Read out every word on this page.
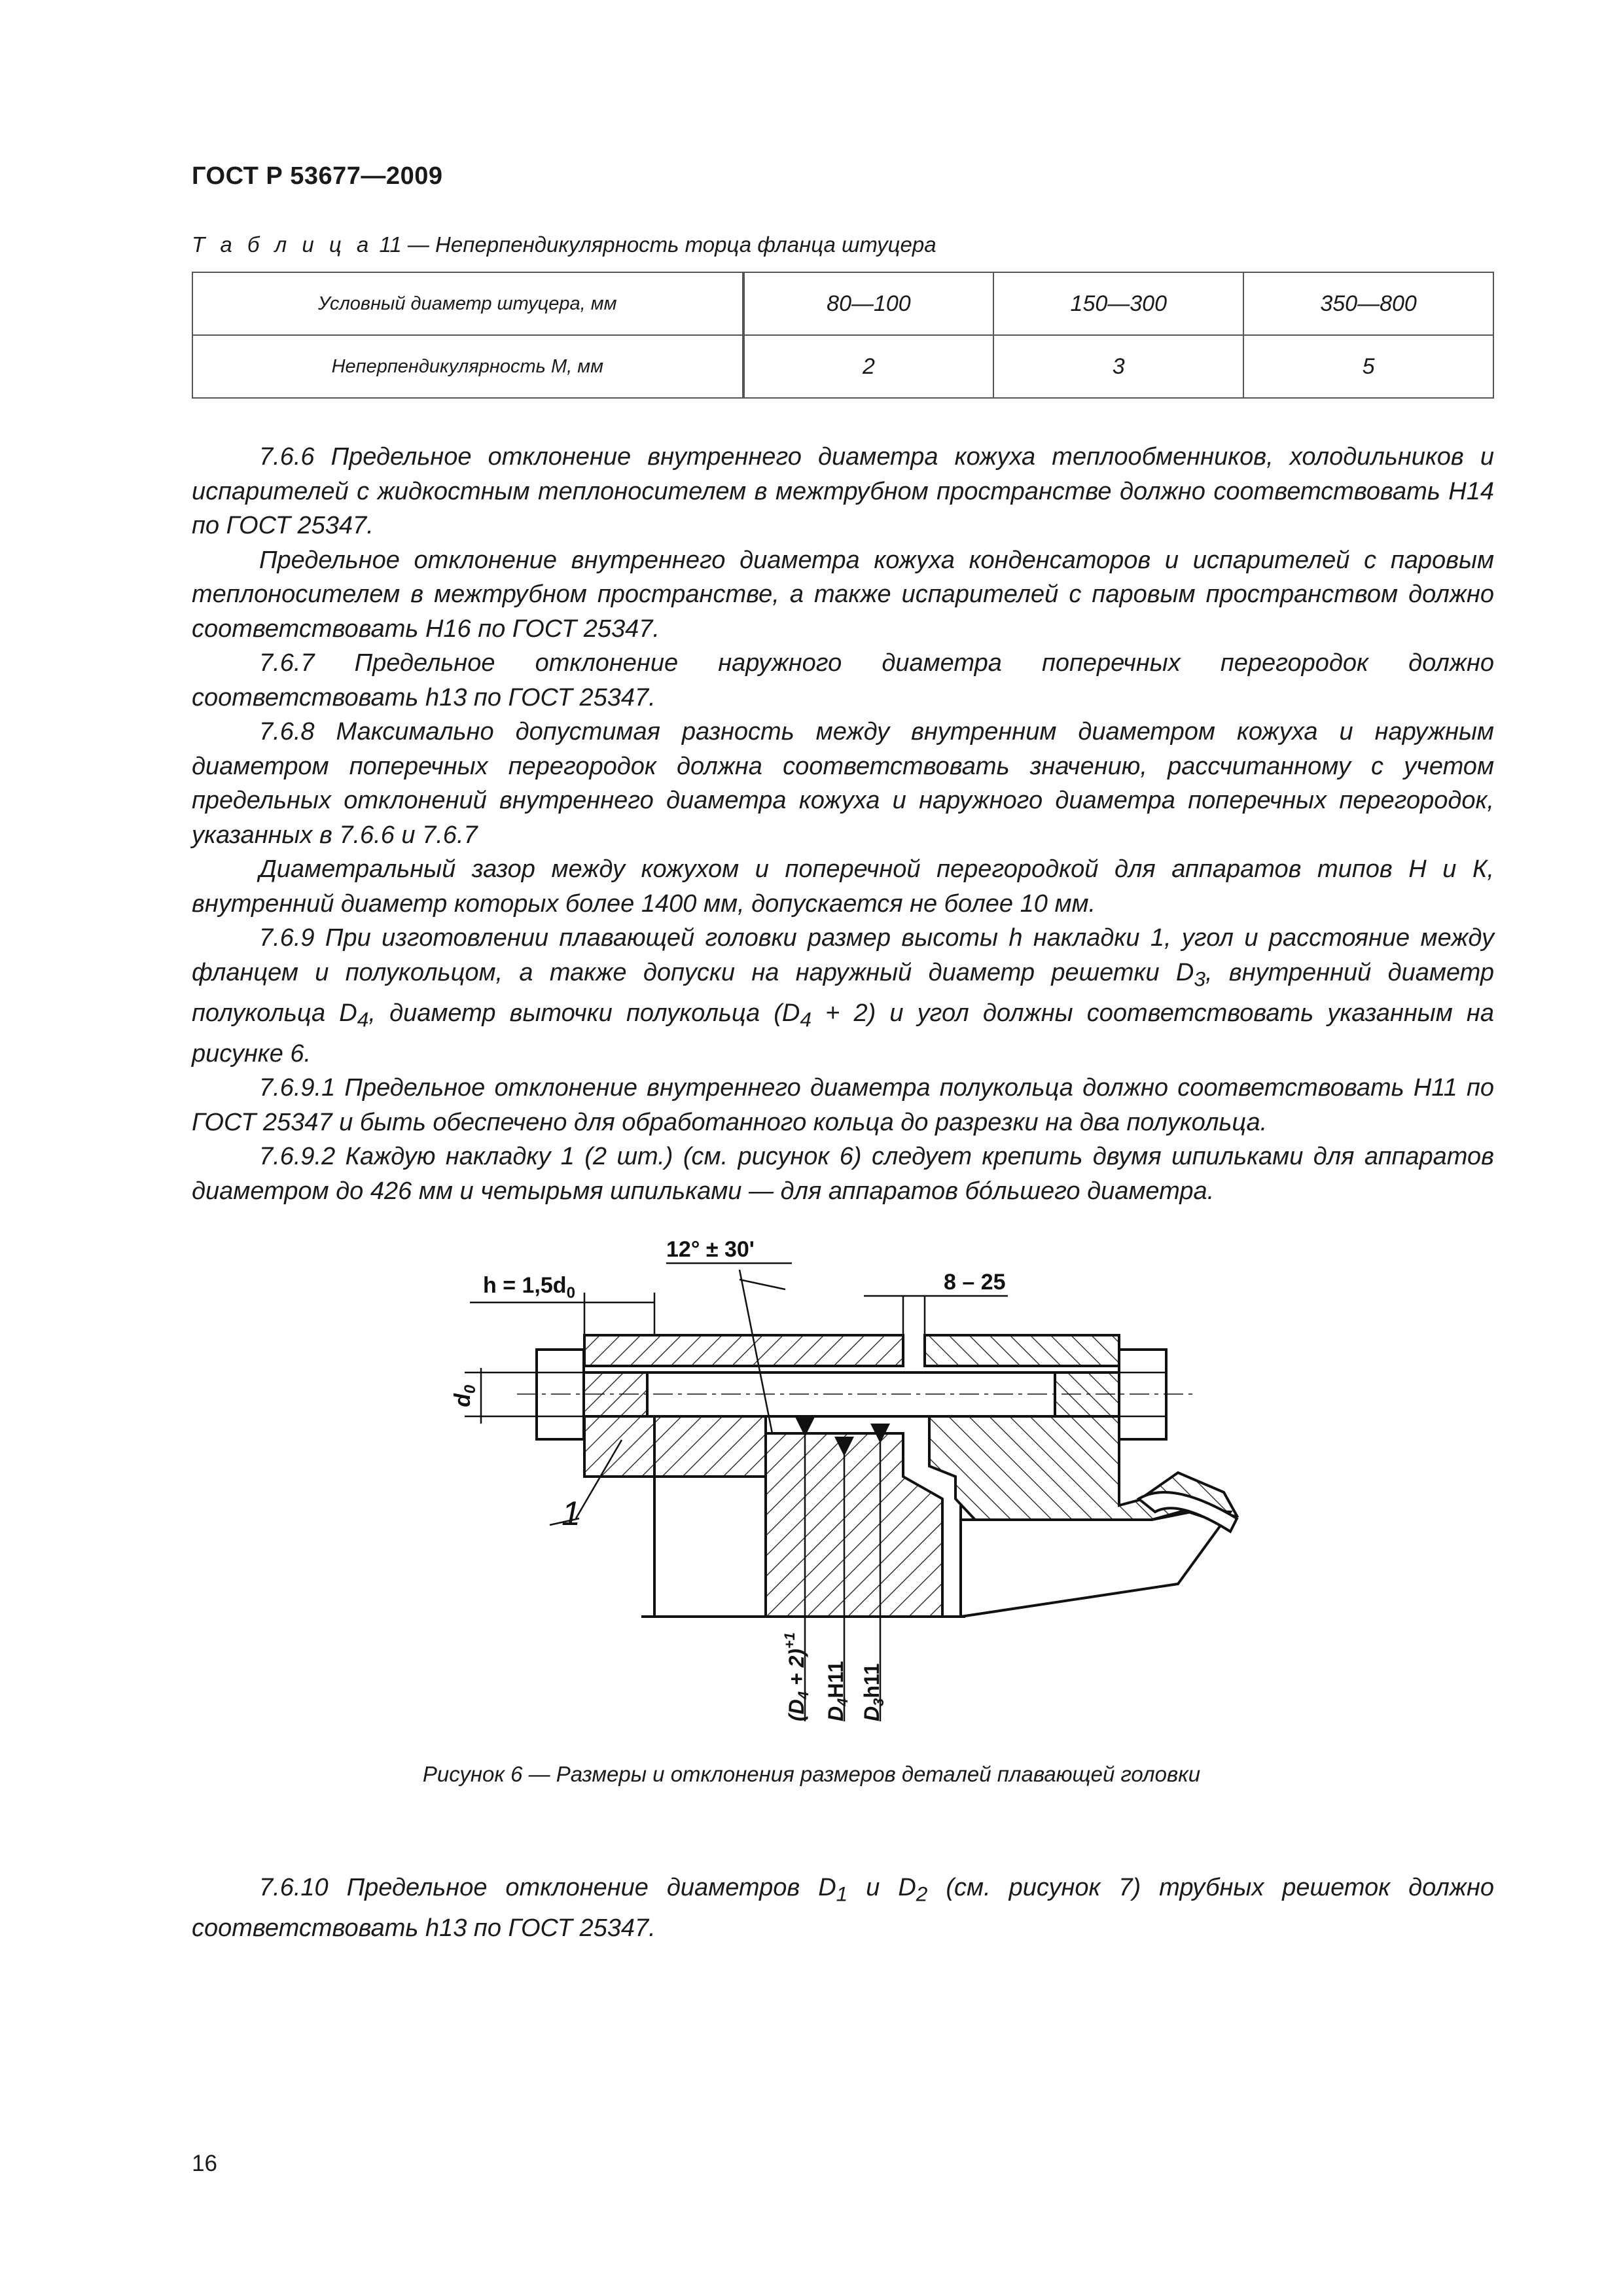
ГОСТ Р 53677—2009
Т а б л и ц а 11 — Неперпендикулярность торца фланца штуцера
Условный диаметр штуцера, мм	80—100	150—300	350—800
Неперпендикулярность М, мм	2	3	5

7.6.6 Предельное отклонение внутреннего диаметра кожуха теплообменников, холодильников и испарителей с жидкостным теплоносителем в межтрубном пространстве должно соответствовать Н14 по ГОСТ 25347.

Предельное отклонение внутреннего диаметра кожуха конденсаторов и испарителей с паровым теплоносителем в межтрубном пространстве, а также испарителей с паровым пространством должно соответствовать Н16 по ГОСТ 25347.

7.6.7 Предельное отклонение наружного диаметра поперечных перегородок должно соответствовать h13 по ГОСТ 25347.

7.6.8 Максимально допустимая разность между внутренним диаметром кожуха и наружным диаметром поперечных перегородок должна соответствовать значению, рассчитанному с учетом предельных отклонений внутреннего диаметра кожуха и наружного диаметра поперечных перегородок, указанных в 7.6.6 и 7.6.7

Диаметральный зазор между кожухом и поперечной перегородкой для аппаратов типов Н и К, внутренний диаметр которых более 1400 мм, допускается не более 10 мм.

7.6.9 При изготовлении плавающей головки размер высоты h накладки 1, угол и расстояние между фланцем и полукольцом, а также допуски на наружный диаметр решетки $D_3$, внутренний диаметр полукольца $D_4$, диаметр выточки полукольца $(D_4 + 2)$ и угол должны соответствовать указанным на рисунке 6.

7.6.9.1 Предельное отклонение внутреннего диаметра полукольца должно соответствовать Н11 по ГОСТ 25347 и быть обеспечено для обработанного кольца до разрезки на два полукольца.

7.6.9.2 Каждую накладку 1 (2 шт.) (см. рисунок 6) следует крепить двумя шпильками для аппаратов диаметром до 426 мм и четырьмя шпильками — для аппаратов бо́льшего диаметра.

$h = 1,5d_0$
12° ± 30'
8 – 25
$d_0$
1
$(D_4 + 2)^{+1}$
$D_4H11$
$D_3h11$
Рисунок 6 — Размеры и отклонения размеров деталей плавающей головки

7.6.10 Предельное отклонение диаметров $D_1$ и $D_2$ (см. рисунок 7) трубных решеток должно соответствовать h13 по ГОСТ 25347.

16
